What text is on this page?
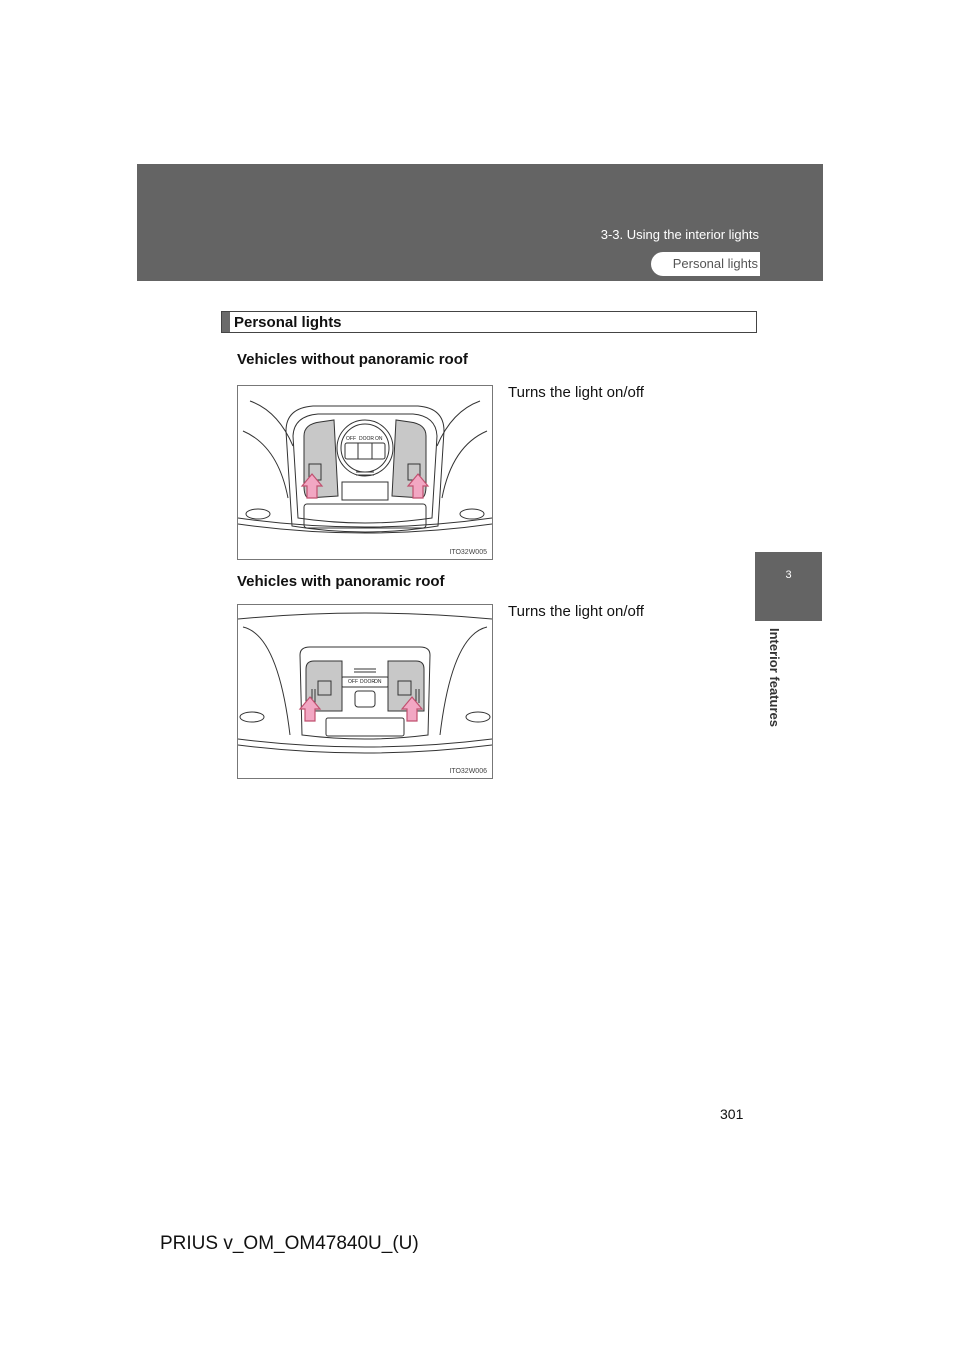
3-3. Using the interior lights
Personal lights
3
Interior features
Personal lights
Vehicles without panoramic roof
Turns the light on/off
OFF DOOR ON
ITO32W005
Vehicles with panoramic roof
Turns the light on/off
OFF DOOR ON
ITO32W006
301
PRIUS v_OM_OM47840U_(U)
